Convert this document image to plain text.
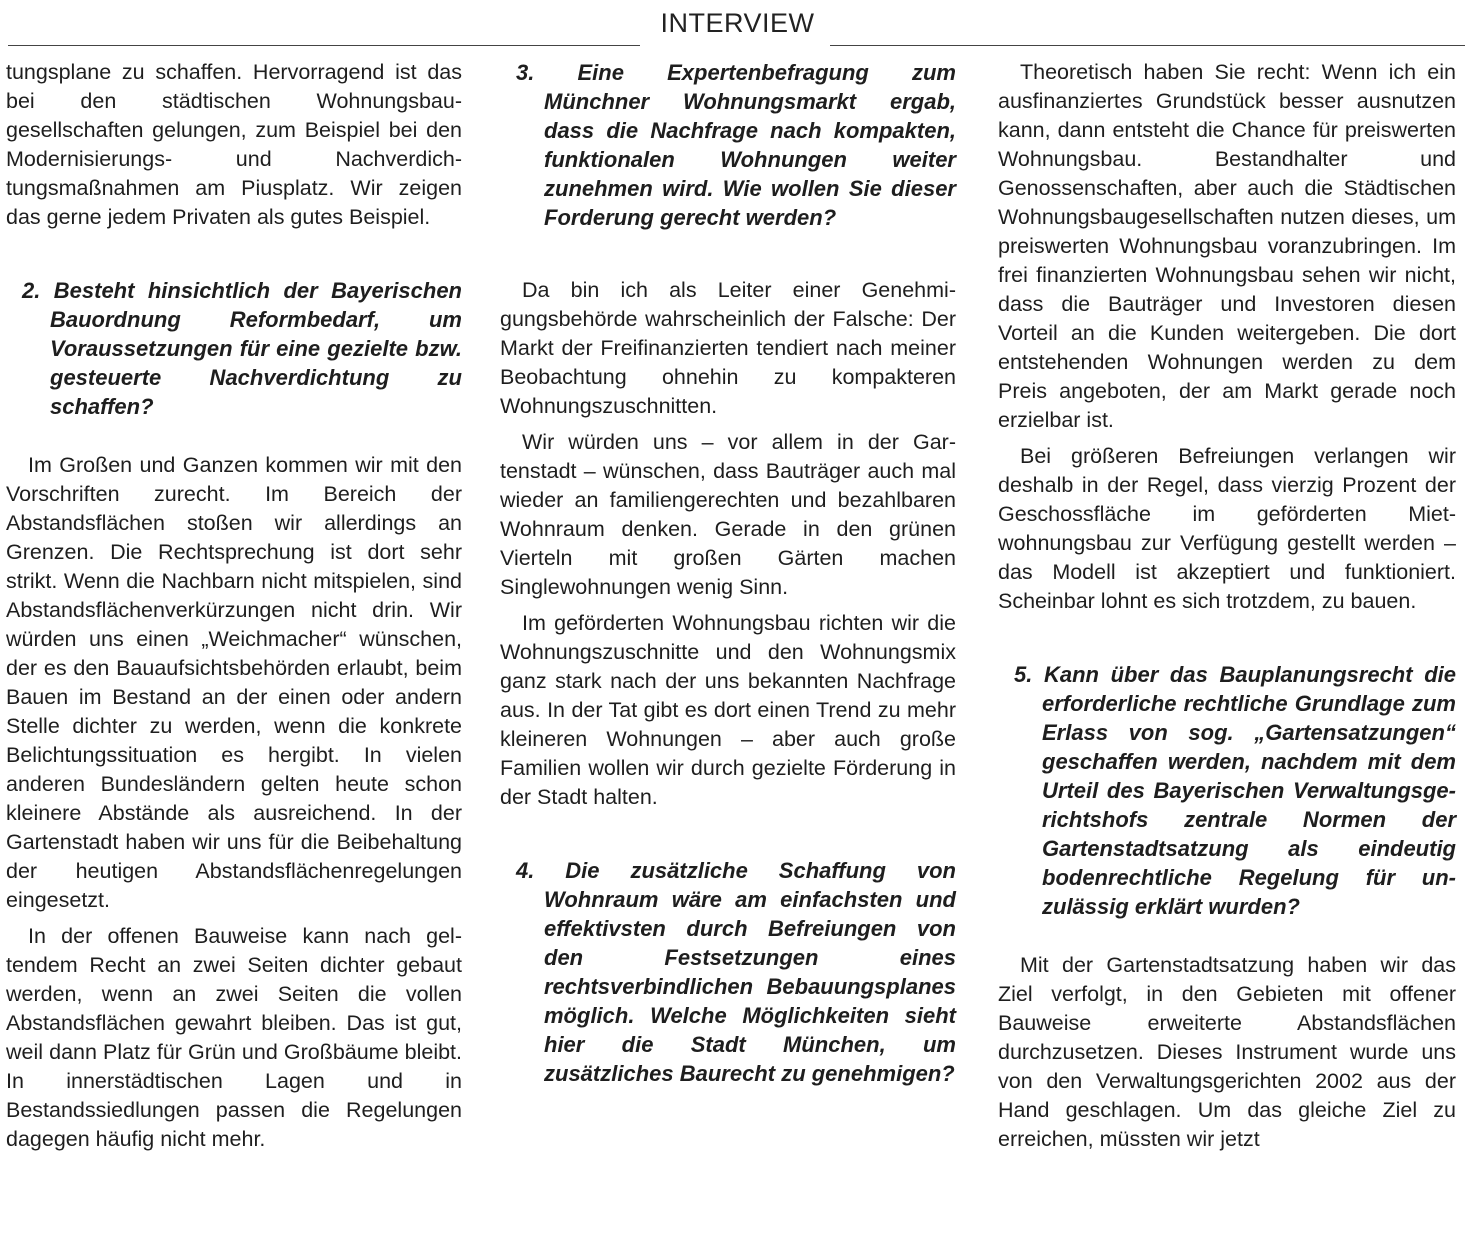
INTERVIEW

tungsplane zu schaffen. Hervorragend ist das bei den städtischen Wohnungsbaugesellschaften gelungen, zum Beispiel bei den Modernisierungs- und Nachverdichtungsmaßnahmen am Piusplatz. Wir zeigen das gerne jedem Privaten als gutes Beispiel.

2. Besteht hinsichtlich der Bayerischen Bauordnung Reformbedarf, um Voraussetzungen für eine gezielte bzw. gesteuerte Nachverdichtung zu schaffen?

Im Großen und Ganzen kommen wir mit den Vorschriften zurecht. Im Bereich der Abstandsflächen stoßen wir allerdings an Grenzen. Die Rechtsprechung ist dort sehr strikt. Wenn die Nachbarn nicht mitspielen, sind Abstandsflächenverkürzungen nicht drin. Wir würden uns einen „Weichmacher“ wünschen, der es den Bauaufsichtsbehörden erlaubt, beim Bauen im Bestand an der einen oder andern Stelle dichter zu werden, wenn die konkrete Belichtungssituation es hergibt. In vielen anderen Bundesländern gelten heute schon kleinere Abstände als ausreichend. In der Gartenstadt haben wir uns für die Beibehaltung der heutigen Abstandsflächenregelungen eingesetzt.

In der offenen Bauweise kann nach geltendem Recht an zwei Seiten dichter gebaut werden, wenn an zwei Seiten die vollen Abstandsflächen gewahrt bleiben. Das ist gut, weil dann Platz für Grün und Großbäume bleibt. In innerstädtischen Lagen und in Bestandssiedlungen passen die Regelungen dagegen häufig nicht mehr.

3. Eine Expertenbefragung zum Münchner Wohnungsmarkt ergab, dass die Nachfrage nach kompakten, funktionalen Wohnungen weiter zunehmen wird. Wie wollen Sie dieser Forderung gerecht werden?

Da bin ich als Leiter einer Genehmigungsbehörde wahrscheinlich der Falsche: Der Markt der Freifinanzierten tendiert nach meiner Beobachtung ohnehin zu kompakteren Wohnungszuschnitten.

Wir würden uns – vor allem in der Gartenstadt – wünschen, dass Bauträger auch mal wieder an familiengerechten und bezahlbaren Wohnraum denken. Gerade in den grünen Vierteln mit großen Gärten machen Singlewohnungen wenig Sinn.

Im geförderten Wohnungsbau richten wir die Wohnungszuschnitte und den Wohnungsmix ganz stark nach der uns bekannten Nachfrage aus. In der Tat gibt es dort einen Trend zu mehr kleineren Wohnungen – aber auch große Familien wollen wir durch gezielte Förderung in der Stadt halten.

4. Die zusätzliche Schaffung von Wohnraum wäre am einfachsten und effektivsten durch Befreiungen von den Festsetzungen eines rechtsverbindlichen Bebauungsplanes möglich. Welche Möglichkeiten sieht hier die Stadt München, um zusätzliches Baurecht zu genehmigen?

Theoretisch haben Sie recht: Wenn ich ein ausfinanziertes Grundstück besser ausnutzen kann, dann entsteht die Chance für preiswerten Wohnungsbau. Bestandhalter und Genossenschaften, aber auch die Städtischen Wohnungsbaugesellschaften nutzen dieses, um preiswerten Wohnungsbau voranzubringen. Im frei finanzierten Wohnungsbau sehen wir nicht, dass die Bauträger und Investoren diesen Vorteil an die Kunden weitergeben. Die dort entstehenden Wohnungen werden zu dem Preis angeboten, der am Markt gerade noch erzielbar ist.

Bei größeren Befreiungen verlangen wir deshalb in der Regel, dass vierzig Prozent der Geschossfläche im geförderten Mietwohnungsbau zur Verfügung gestellt werden – das Modell ist akzeptiert und funktioniert. Scheinbar lohnt es sich trotzdem, zu bauen.

5. Kann über das Bauplanungsrecht die erforderliche rechtliche Grundlage zum Erlass von sog. „Gartensatzungen“ geschaffen werden, nachdem mit dem Urteil des Bayerischen Verwaltungsgerichtshofs zentrale Normen der Gartenstadtsatzung als eindeutig bodenrechtliche Regelung für unzulässig erklärt wurden?

Mit der Gartenstadtsatzung haben wir das Ziel verfolgt, in den Gebieten mit offener Bauweise erweiterte Abstandsflächen durchzusetzen. Dieses Instrument wurde uns von den Verwaltungsgerichten 2002 aus der Hand geschlagen. Um das gleiche Ziel zu erreichen, müssten wir jetzt
